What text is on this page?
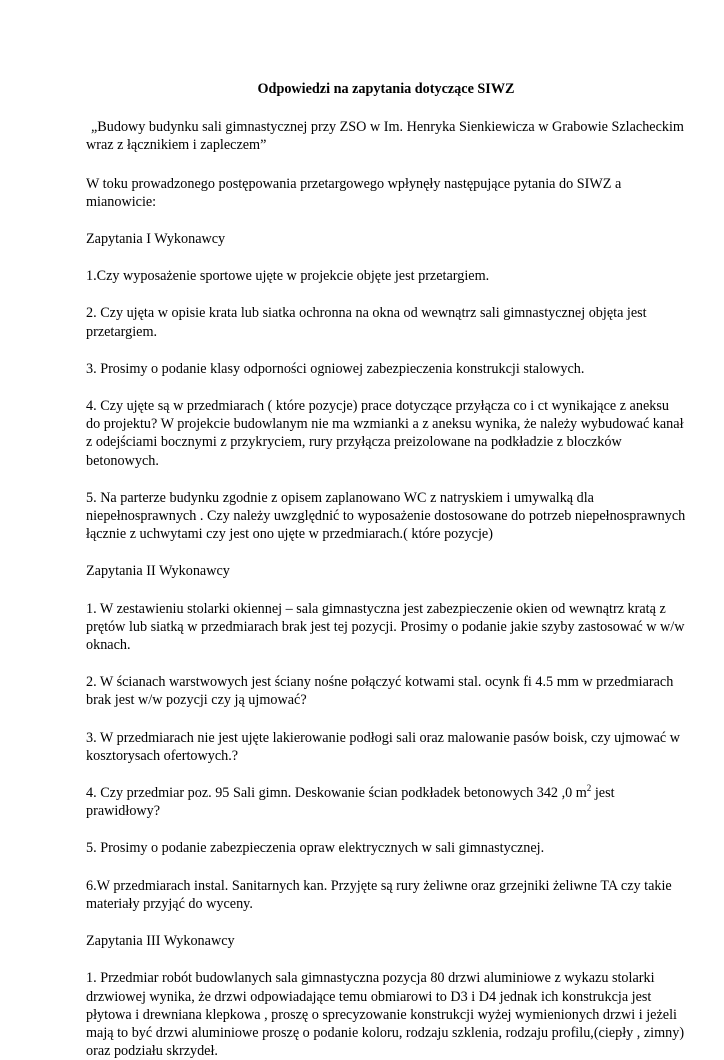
Odpowiedzi na zapytania dotyczące SIWZ
„Budowy budynku sali gimnastycznej przy ZSO w Im. Henryka Sienkiewicza w Grabowie Szlacheckim wraz z łącznikiem i zapleczem”
W toku prowadzonego postępowania przetargowego wpłynęły następujące pytania do SIWZ a mianowicie:
Zapytania I Wykonawcy
1.Czy wyposażenie sportowe ujęte w projekcie objęte jest przetargiem.
2. Czy ujęta w opisie krata lub siatka ochronna na okna od wewnątrz sali gimnastycznej objęta jest przetargiem.
3. Prosimy o podanie klasy odporności ogniowej zabezpieczenia konstrukcji stalowych.
4. Czy ujęte są w przedmiarach ( które pozycje) prace dotyczące przyłącza co i ct wynikające z aneksu do projektu? W projekcie budowlanym nie ma wzmianki a z aneksu wynika, że należy wybudować kanał z odejściami bocznymi z przykryciem, rury przyłącza preizolowane na podkładzie z bloczków betonowych.
5. Na parterze budynku zgodnie z opisem zaplanowano WC z natryskiem i umywalką dla niepełnosprawnych . Czy należy uwzględnić to wyposażenie dostosowane do potrzeb niepełnosprawnych łącznie z uchwytami czy jest ono ujęte w przedmiarach.( które pozycje)
Zapytania II Wykonawcy
1. W zestawieniu stolarki okiennej – sala gimnastyczna jest zabezpieczenie okien od wewnątrz kratą z prętów lub siatką w przedmiarach brak jest tej pozycji. Prosimy o podanie jakie szyby zastosować w w/w oknach.
2. W ścianach warstwowych jest ściany nośne połączyć kotwami stal. ocynk fi 4.5 mm w przedmiarach brak jest w/w pozycji czy ją ujmować?
3. W przedmiarach nie jest ujęte lakierowanie podłogi sali oraz malowanie pasów boisk, czy ujmować w kosztorysach ofertowych.?
4. Czy przedmiar poz. 95 Sali gimn. Deskowanie ścian podkładek betonowych 342 ,0 $m^2$ jest prawidłowy?
5. Prosimy o podanie zabezpieczenia opraw elektrycznych w sali gimnastycznej.
6.W przedmiarach instal. Sanitarnych kan. Przyjęte są rury żeliwne oraz grzejniki żeliwne TA czy takie materiały przyjąć do wyceny.
Zapytania III Wykonawcy
1. Przedmiar robót budowlanych sala gimnastyczna pozycja 80 drzwi aluminiowe z wykazu stolarki drzwiowej wynika, że drzwi odpowiadające temu obmiarowi to D3 i D4 jednak ich konstrukcja jest płytowa i drewniana klepkowa , proszę o sprecyzowanie konstrukcji wyżej wymienionych drzwi i jeżeli mają to być drzwi aluminiowe proszę o podanie koloru, rodzaju szklenia, rodzaju profilu,(ciepły , zimny) oraz podziału skrzydeł.
